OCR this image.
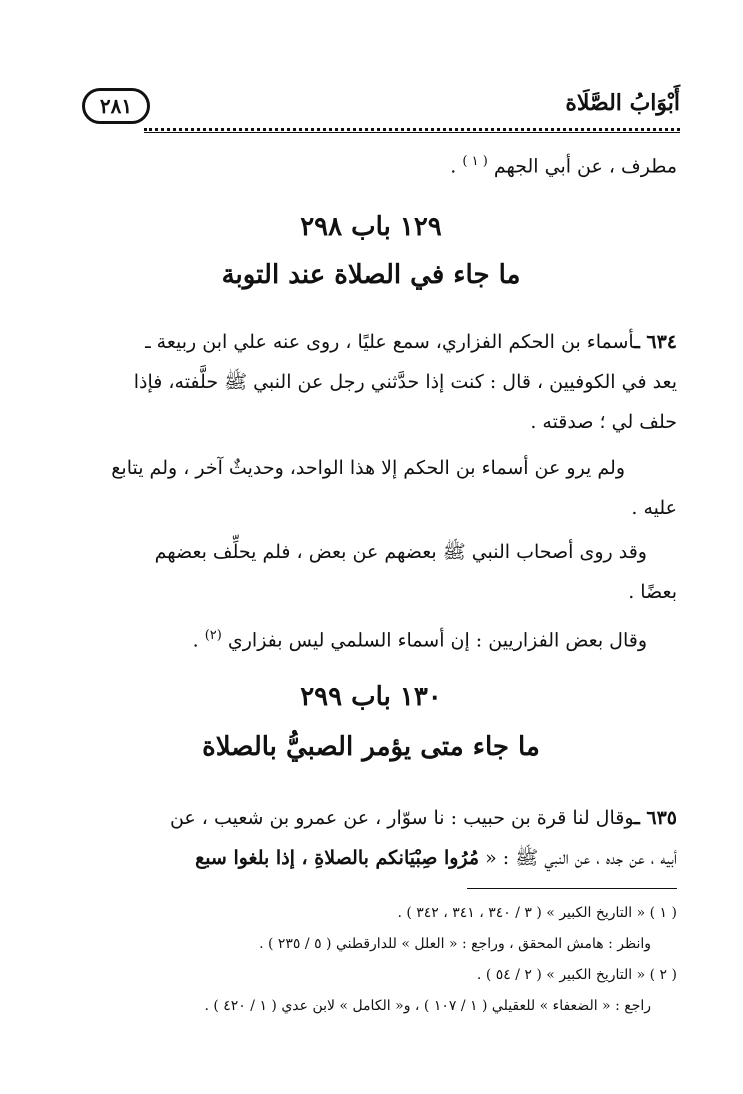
أَبْوَابُ الصَّلَاة
٢٨١
مطرف ، عن أبي الجهم $^{( ١ )}$ .
١٢٩ باب ٢٩٨
ما جاء في الصلاة عند التوبة
٦٣٤ ـأسماء بن الحكم الفزاري، سمع عليًا ، روى عنه علي ابن ربيعة ـ
يعد في الكوفيين ، قال : كنت إذا حدَّثني رجل عن النبي ﷺ حلَّفته، فإذا
حلف لي ؛ صدقته .
ولم يرو عن أسماء بن الحكم إلا هذا الواحد، وحديثٌ آخر ، ولم يتابع
عليه .
وقد روى أصحاب النبي ﷺ بعضهم عن بعض ، فلم يحلِّف بعضهم
بعضًا .
وقال بعض الفزاريين : إن أسماء السلمي ليس بفزاري $^{(٢)}$ .
١٣٠ باب ٢٩٩
ما جاء متى يؤمر الصبيُّ بالصلاة
٦٣٥ ـوقال لنا قرة بن حبيب : نا سوّار ، عن عمرو بن شعيب ، عن
أبيه ، عن جده ، عن النبي ﷺ : « مُرُوا صِبْيَانكم بالصلاةِ ، إذا بلغوا سبع
( ١ ) « التاريخ الكبير » ( ٣ / ٣٤٠ ، ٣٤١ ، ٣٤٢ ) .
وانظر : هامش المحقق ، وراجع : « العلل » للدارقطني ( ٥ / ٢٣٥ ) .
( ٢ ) « التاريخ الكبير » ( ٢ / ٥٤ ) .
راجع : « الضعفاء » للعقيلي ( ١ / ١٠٧ ) ، و« الكامل » لابن عدي ( ١ / ٤٢٠ ) .
